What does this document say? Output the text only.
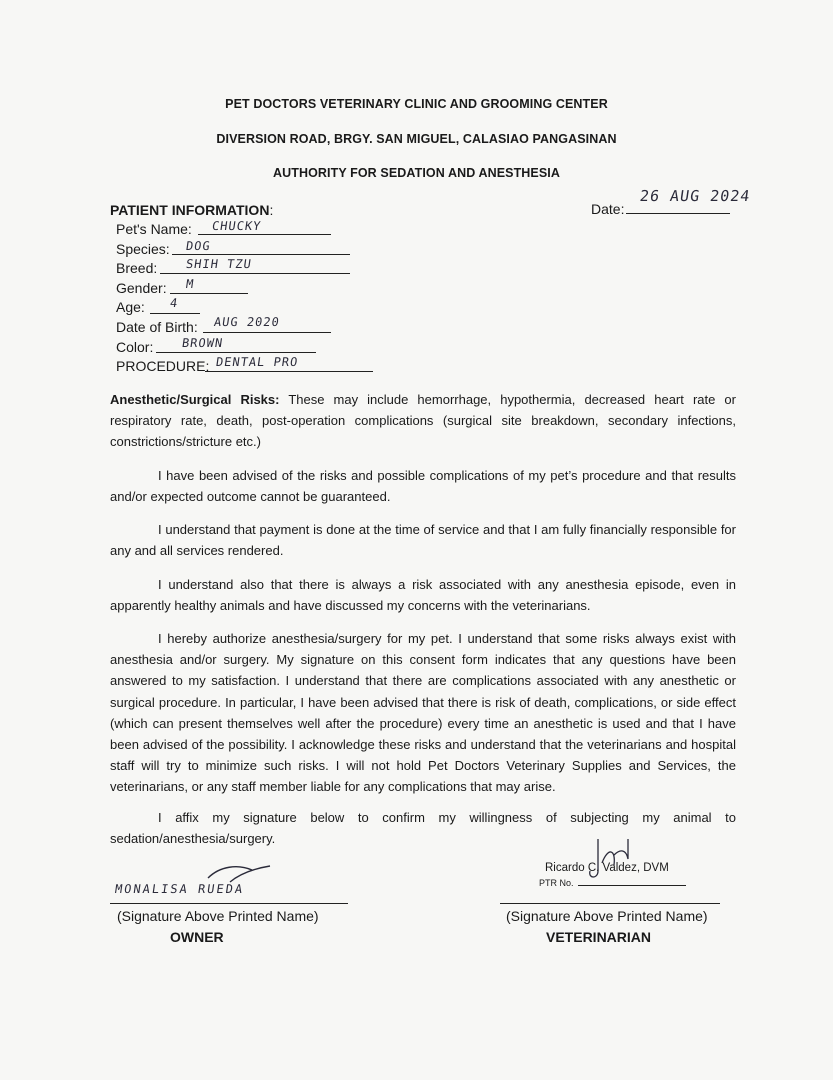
PET DOCTORS VETERINARY CLINIC AND GROOMING CENTER
DIVERSION ROAD, BRGY. SAN MIGUEL, CALASIAO PANGASINAN
AUTHORITY FOR SEDATION AND ANESTHESIA
PATIENT INFORMATION:	Date:
26 AUG 2024
Pet's Name: CHUCKY
Species: DOG
Breed: SHIH TZU
Gender: M
Age: 4
Date of Birth: AUG 2020
Color: BROWN
PROCEDURE: DENTAL PRO
Anesthetic/Surgical Risks: These may include hemorrhage, hypothermia, decreased heart rate or respiratory rate, death, post-operation complications (surgical site breakdown, secondary infections, constrictions/stricture etc.)
I have been advised of the risks and possible complications of my pet’s procedure and that results and/or expected outcome cannot be guaranteed.
I understand that payment is done at the time of service and that I am fully financially responsible for any and all services rendered.
I understand also that there is always a risk associated with any anesthesia episode, even in apparently healthy animals and have discussed my concerns with the veterinarians.
I hereby authorize anesthesia/surgery for my pet. I understand that some risks always exist with anesthesia and/or surgery. My signature on this consent form indicates that any questions have been answered to my satisfaction. I understand that there are complications associated with any anesthetic or surgical procedure. In particular, I have been advised that there is risk of death, complications, or side effect (which can present themselves well after the procedure) every time an anesthetic is used and that I have been advised of the possibility. I acknowledge these risks and understand that the veterinarians and hospital staff will try to minimize such risks. I will not hold Pet Doctors Veterinary Supplies and Services, the veterinarians, or any staff member liable for any complications that may arise.
I affix my signature below to confirm my willingness of subjecting my animal to sedation/anesthesia/surgery.
MONALISA RUEDA
(Signature Above Printed Name)
OWNER
Ricardo C. Valdez, DVM
PTR No.
(Signature Above Printed Name)
VETERINARIAN
